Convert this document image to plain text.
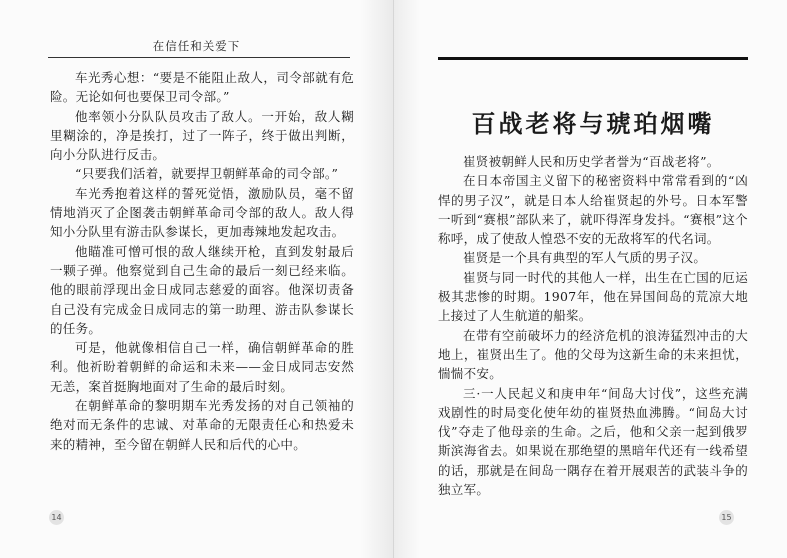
在信任和关爱下

车光秀心想：“要是不能阻止敌人，司令部就有危险。无论如何也要保卫司令部。”

他率领小分队队员攻击了敌人。一开始，敌人糊里糊涂的，净是挨打，过了一阵子，终于做出判断，向小分队进行反击。

“只要我们活着，就要捍卫朝鲜革命的司令部。”

车光秀抱着这样的誓死觉悟，激励队员，毫不留情地消灭了企图袭击朝鲜革命司令部的敌人。敌人得知小分队里有游击队参谋长，更加毒辣地发起攻击。

他瞄准可憎可恨的敌人继续开枪，直到发射最后一颗子弹。他察觉到自己生命的最后一刻已经来临。他的眼前浮现出金日成同志慈爱的面容。他深切责备自己没有完成金日成同志的第一助理、游击队参谋长的任务。

可是，他就像相信自己一样，确信朝鲜革命的胜利。他祈盼着朝鲜的命运和未来——金日成同志安然无恙，案首挺胸地面对了生命的最后时刻。

在朝鲜革命的黎明期车光秀发扬的对自己领袖的绝对而无条件的忠诚、对革命的无限责任心和热爱未来的精神，至今留在朝鲜人民和后代的心中。

14
百战老将与琥珀烟嘴

崔贤被朝鲜人民和历史学者誉为“百战老将”。

在日本帝国主义留下的秘密资料中常常看到的“凶悍的男子汉”，就是日本人给崔贤起的外号。日本军警一听到“赛根”部队来了，就吓得浑身发抖。“赛根”这个称呼，成了使敌人惶恐不安的无敌将军的代名词。

崔贤是一个具有典型的军人气质的男子汉。

崔贤与同一时代的其他人一样，出生在亡国的厄运极其悲惨的时期。1907年，他在异国间岛的荒凉大地上接过了人生航道的船桨。

在带有空前破坏力的经济危机的浪涛猛烈冲击的大地上，崔贤出生了。他的父母为这新生命的未来担忧，惴惴不安。

三·一人民起义和庚申年“间岛大讨伐”，这些充满戏剧性的时局变化使年幼的崔贤热血沸腾。“间岛大讨伐”夺走了他母亲的生命。之后，他和父亲一起到俄罗斯滨海省去。如果说在那绝望的黑暗年代还有一线希望的话，那就是在间岛一隅存在着开展艰苦的武装斗争的独立军。

15
